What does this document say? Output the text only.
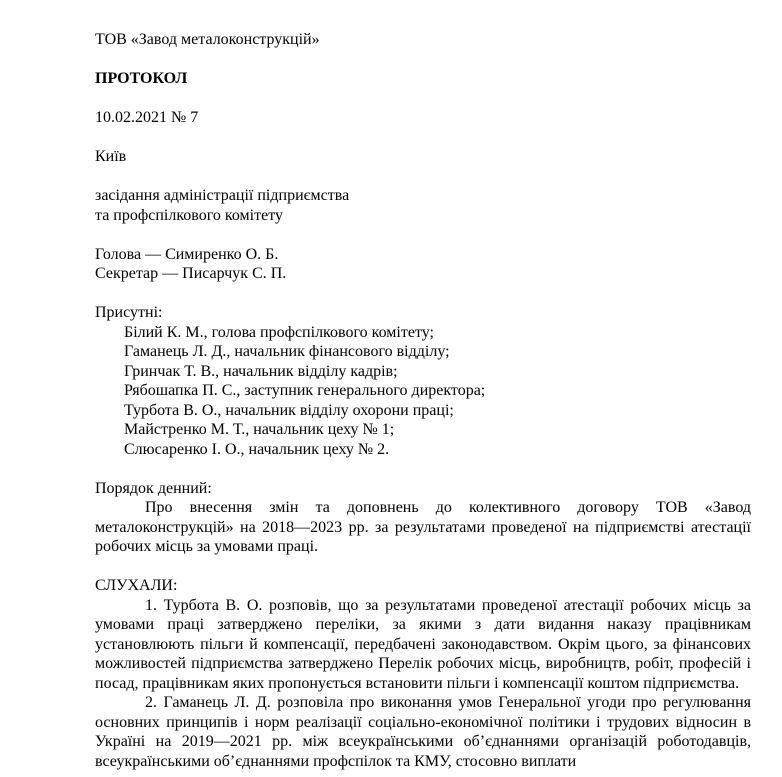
ТОВ «Завод металоконструкцій»
ПРОТОКОЛ
10.02.2021 № 7
Київ
засідання адміністрації підприємства
та профспілкового комітету
Голова — Симиренко О. Б.
Секретар — Писарчук С. П.
Присутні:
Білий К. М., голова профспілкового комітету;
Гаманець Л. Д., начальник фінансового відділу;
Гринчак Т. В., начальник відділу кадрів;
Рябошапка П. С., заступник генерального директора;
Турбота В. О., начальник відділу охорони праці;
Майстренко М. Т., начальник цеху № 1;
Слюсаренко І. О., начальник цеху № 2.
Порядок денний:
Про внесення змін та доповнень до колективного договору ТОВ «Завод металоконструкцій» на 2018—2023 рр. за результатами проведеної на підприємстві атестації робочих місць за умовами праці.
СЛУХАЛИ:
1. Турбота В. О. розповів, що за результатами проведеної атестації робочих місць за умовами праці затверджено переліки, за якими з дати видання наказу працівникам установлюють пільги й компенсації, передбачені законодавством. Окрім цього, за фінансових можливостей підприємства затверджено Перелік робочих місць, виробництв, робіт, професій і посад, працівникам яких пропонується встановити пільги і компенсації коштом підприємства.
2. Гаманець Л. Д. розповіла про виконання умов Генеральної угоди про регулювання основних принципів і норм реалізації соціально-економічної політики і трудових відносин в Україні на 2019—2021 рр. між всеукраїнськими об’єднаннями організацій роботодавців, всеукраїнськими об’єднаннями профспілок та КМУ, стосовно виплати
